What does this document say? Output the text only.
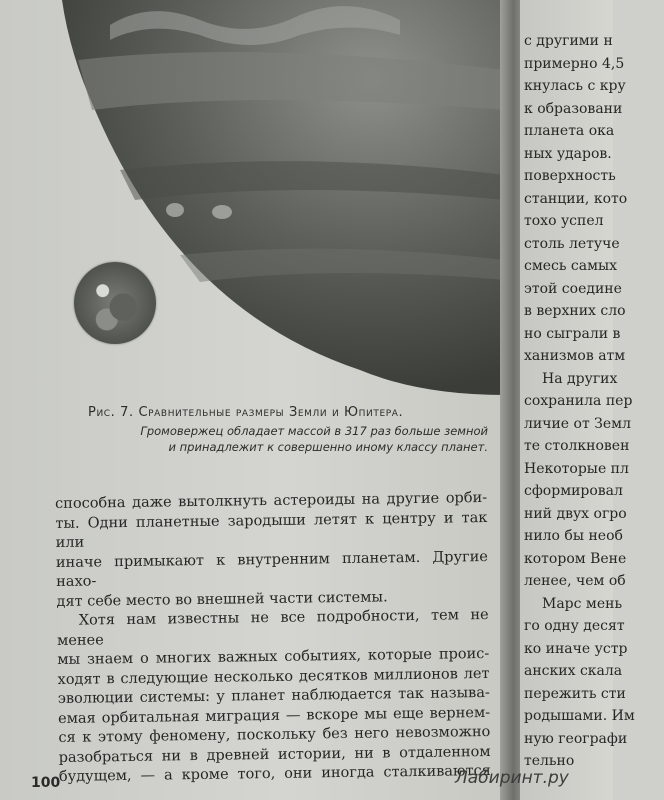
Рис. 7. Сравнительные размеры Земли и Юпитера.
Громовержец обладает массой в 317 раз больше земной
и принадлежит к совершенно иному классу планет.

способна даже вытолкнуть астероиды на другие орби-

ты. Одни планетные зародыши летят к центру и так или

иначе примыкают к внутренним планетам. Другие нахо-

дят себе место во внешней части системы.

Хотя нам известны не все подробности, тем не менее

мы знаем о многих важных событиях, которые проис-

ходят в следующие несколько десятков миллионов лет

эволюции системы: у планет наблюдается так называ-

емая орбитальная миграция — вскоре мы еще вернем-

ся к этому феномену, поскольку без него невозможно

разобраться ни в древней истории, ни в отдаленном

будущем, — а кроме того, они иногда сталкиваются

100
с другими н
примерно 4,5
кнулась с кру
к образовани
планета ока
ных ударов.
поверхность
станции, кото
тохо успел
столь летуче
смесь самых
этой соедине
в верхних сло
но сыграли в
ханизмов атм
На других
сохранила пер
личие от Земл
те столкновен
Некоторые пл
сформировал
ний двух огро
нило бы необ
котором Вене
ленее, чем об
Марс мень
го одну десят
ко иначе устр
анских скала
пережить сти
родышами. Им
ную географи
тельно
Лабиринт.ру
